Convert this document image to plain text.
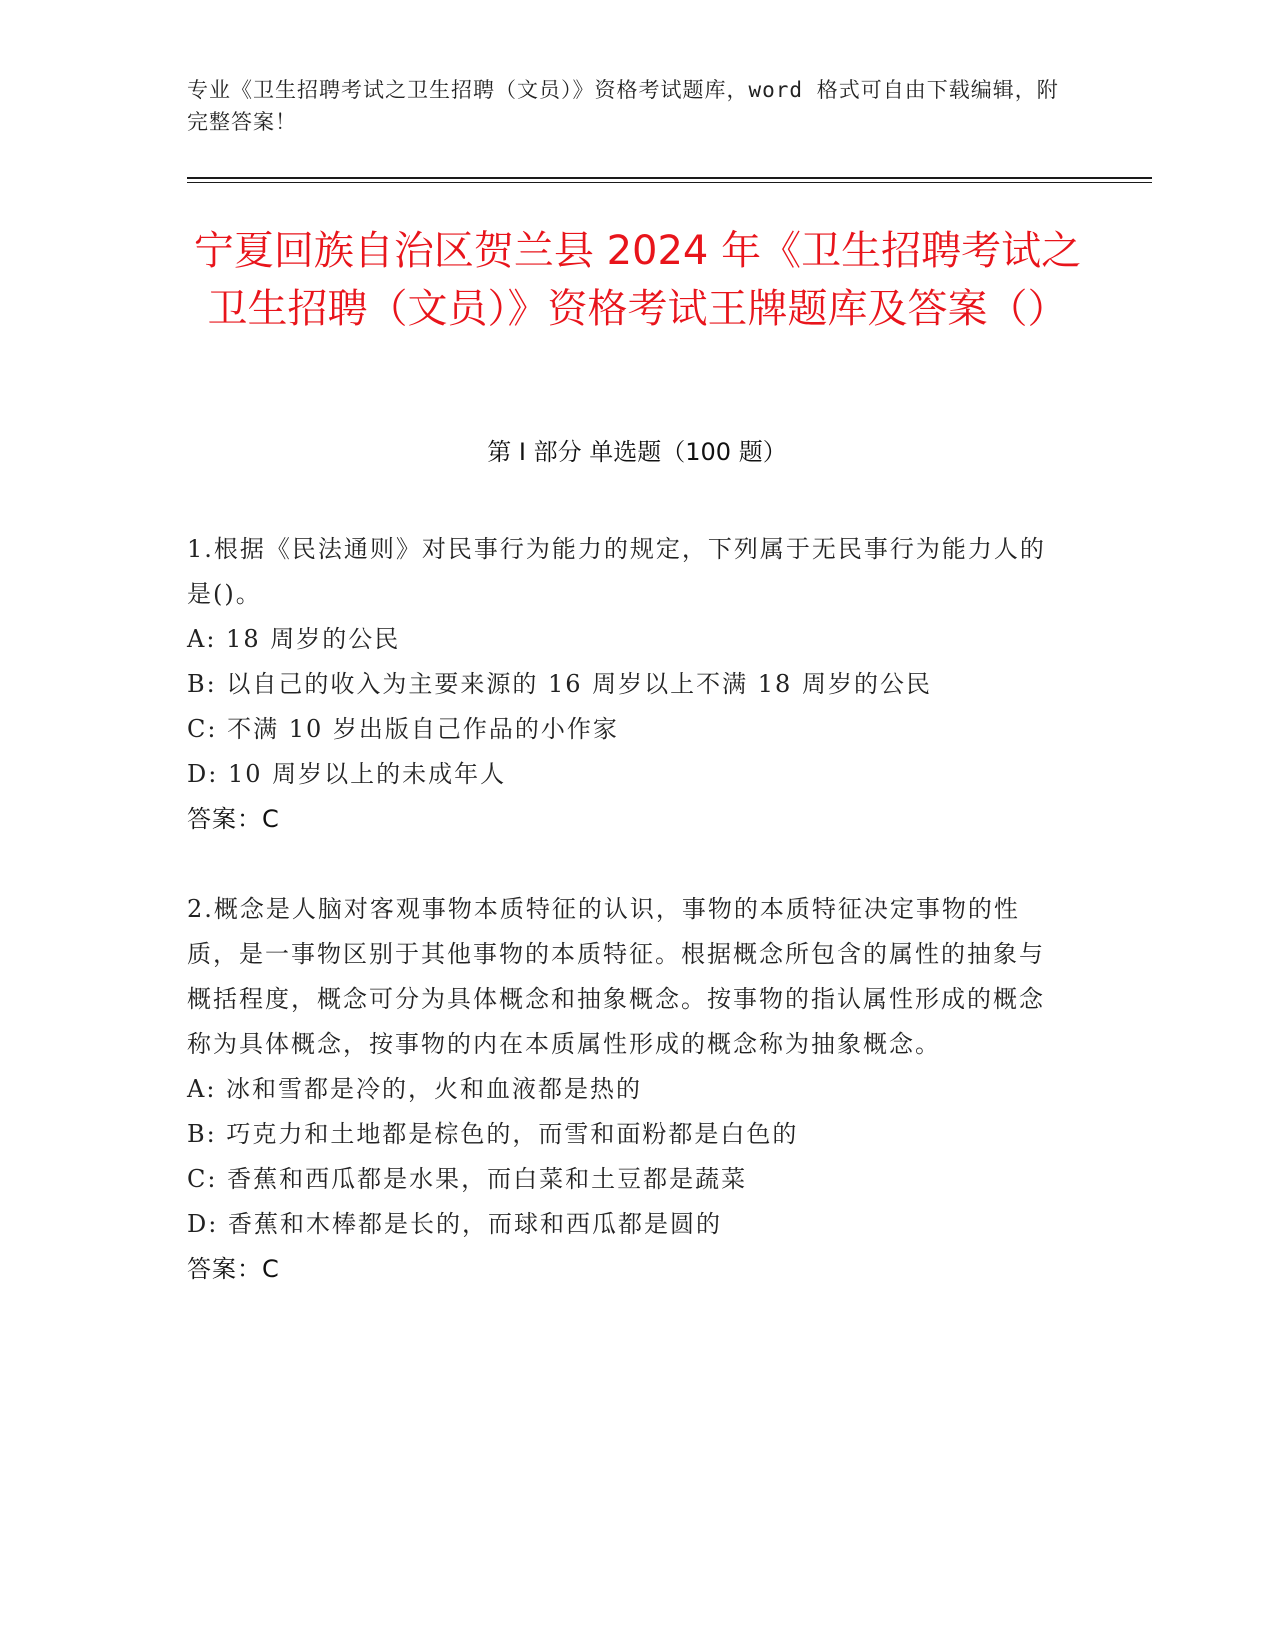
专业《卫生招聘考试之卫生招聘（文员）》资格考试题库，word 格式可自由下载编辑，附完整答案！
宁夏回族自治区贺兰县 2024 年《卫生招聘考试之卫生招聘（文员）》资格考试王牌题库及答案（）
第 I 部分 单选题（100 题）
1.根据《民法通则》对民事行为能力的规定，下列属于无民事行为能力人的是()。
A: 18 周岁的公民
B: 以自己的收入为主要来源的 16 周岁以上不满 18 周岁的公民
C: 不满 10 岁出版自己作品的小作家
D: 10 周岁以上的未成年人
答案：C
2.概念是人脑对客观事物本质特征的认识，事物的本质特征决定事物的性质，是一事物区别于其他事物的本质特征。根据概念所包含的属性的抽象与概括程度，概念可分为具体概念和抽象概念。按事物的指认属性形成的概念称为具体概念，按事物的内在本质属性形成的概念称为抽象概念。
A: 冰和雪都是冷的，火和血液都是热的
B: 巧克力和土地都是棕色的，而雪和面粉都是白色的
C: 香蕉和西瓜都是水果，而白菜和土豆都是蔬菜
D: 香蕉和木棒都是长的，而球和西瓜都是圆的
答案：C
